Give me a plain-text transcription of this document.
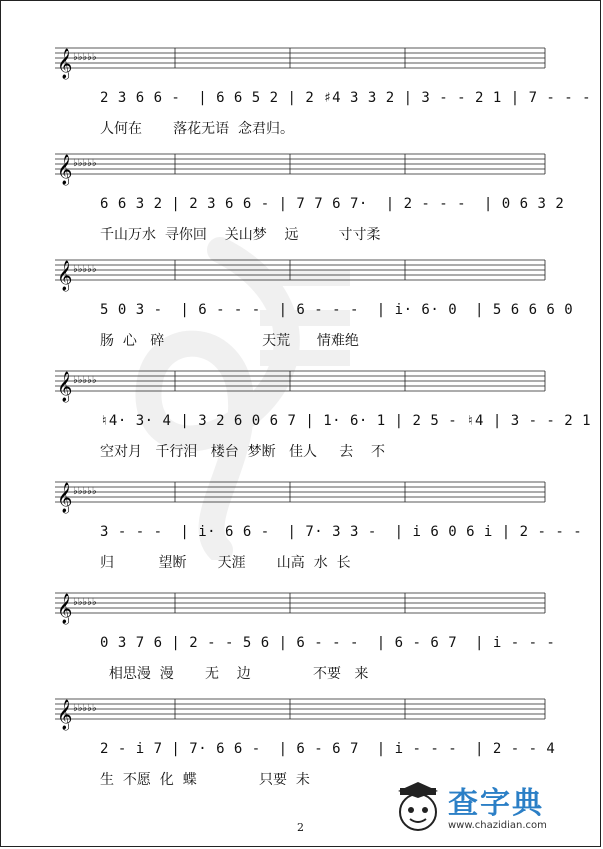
𝄞 ♭♭♭♭♭
2 3 6 6 -  | 6 6 5 2 | 2 ♯4 3 3 2 | 3 - - 2 1 | 7 - - -
人何在       落花无语  念君归。
𝄞 ♭♭♭♭♭
6 6 3 2 | 2 3 6 6 - | 7 7 6 7·  | 2 - - -  | 0 6 3 2
千山万水  寻你回    关山梦    远         寸寸柔
𝄞 ♭♭♭♭♭
5 0 3 -  | 6 - - -  | 6 - - -  | i· 6· 0  | 5 6 6 6 0
肠  心   碎                      天荒      情难绝
𝄞 ♭♭♭♭♭
♮4· 3· 4 | 3 2 6 0 6 7 | 1· 6· 1 | 2 5 - ♮4 | 3 - - 2 1
空对月   千行泪   楼台  梦断   佳人     去    不
𝄞 ♭♭♭♭♭
3 - - -  | i· 6 6 -  | 7· 3 3 -  | i 6 0 6 i | 2 - - -
归          望断       天涯       山高  水  长
𝄞 ♭♭♭♭♭
0 3 7 6 | 2 - - 5 6 | 6 - - -  | 6 - 6 7  | i - - -
相思漫  漫       无    边              不要   来
𝄞 ♭♭♭♭♭
2 - i 7 | 7· 6 6 -  | 6 - 6 7  | i - - -  | 2 - - 4
生  不愿  化  蝶              只要  未
2
查字典
www.chazidian.com
